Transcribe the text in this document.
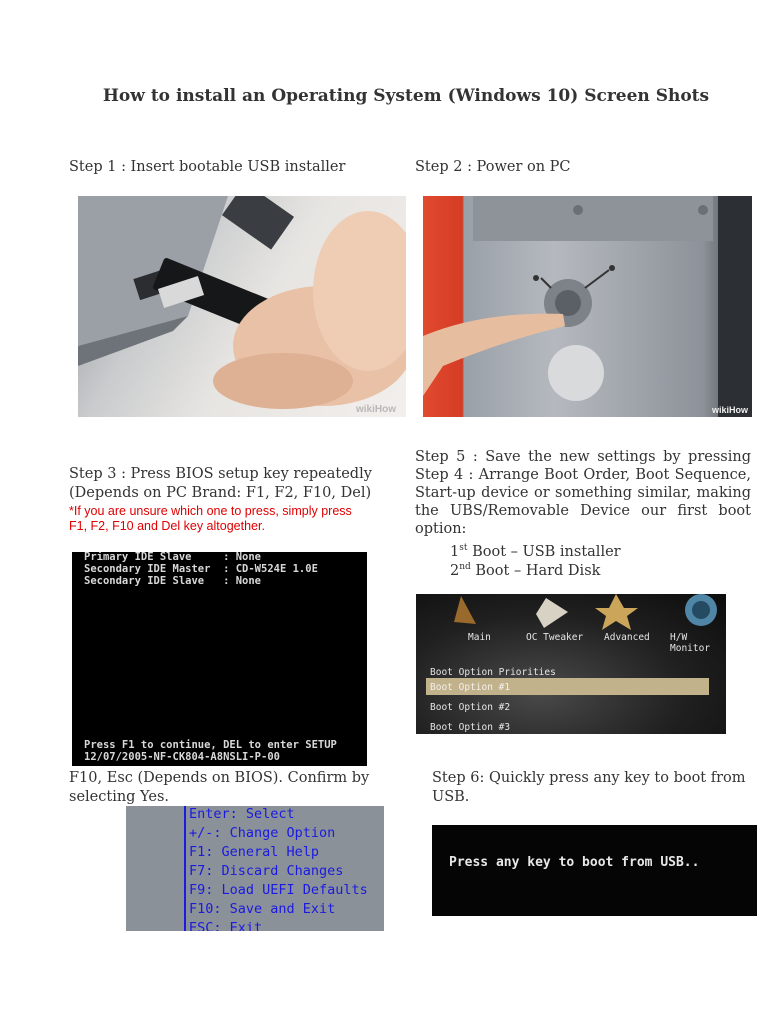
How to install an Operating System (Windows 10) Screen Shots
Step 1 : Insert bootable USB installer
wikiHow
Step 2 : Power on PC
wikiHow
Step 3 : Press BIOS setup key repeatedly
(Depends on PC Brand: F1, F2, F10, Del)
*If you are unsure which one to press, simply press
F1, F2, F10 and Del key altogether.
Primary IDE Slave     : None
Secondary IDE Master  : CD-W524E 1.0E
Secondary IDE Slave   : None
Press F1 to continue, DEL to enter SETUP
12/07/2005-NF-CK804-A8NSLI-P-00
Step 5 : Save the new settings by pressing
Step 4 : Arrange Boot Order, Boot Sequence,
Start-up device or something similar, making
the UBS/Removable Device our first boot
option:
1st Boot – USB installer
2nd Boot – Hard Disk
Main	OC Tweaker Advanced H/W Monitor
Boot Option Priorities
Boot Option #1
Boot Option #2
Boot Option #3
F10, Esc (Depends on BIOS). Confirm by
selecting Yes.
Enter: Select
+/-: Change Option
F1: General Help
F7: Discard Changes
F9: Load UEFI Defaults
F10: Save and Exit
ESC: Exit
Step 6: Quickly press any key to boot from
USB.
Press any key to boot from USB..
